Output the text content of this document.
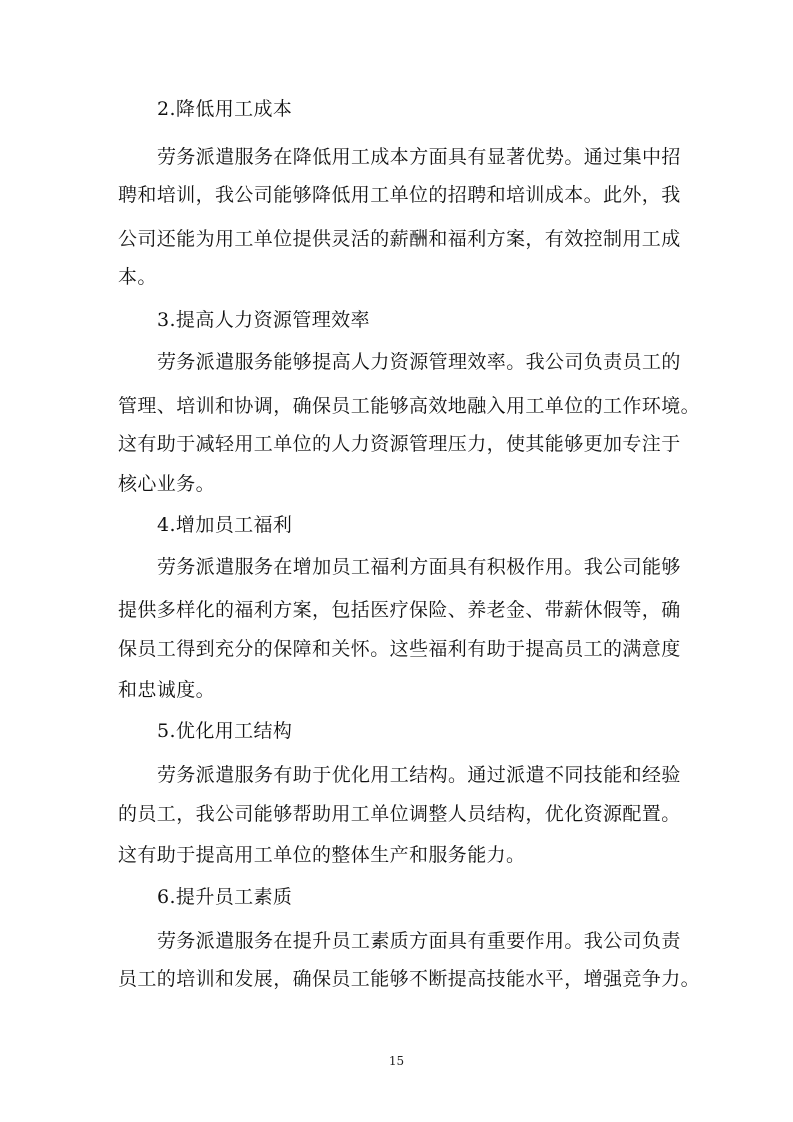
2.降低用工成本
劳务派遣服务在降低用工成本方面具有显著优势。通过集中招
聘和培训，我公司能够降低用工单位的招聘和培训成本。此外，我
公司还能为用工单位提供灵活的薪酬和福利方案，有效控制用工成
本。
3.提高人力资源管理效率
劳务派遣服务能够提高人力资源管理效率。我公司负责员工的
管理、培训和协调，确保员工能够高效地融入用工单位的工作环境。
这有助于减轻用工单位的人力资源管理压力，使其能够更加专注于
核心业务。
4.增加员工福利
劳务派遣服务在增加员工福利方面具有积极作用。我公司能够
提供多样化的福利方案，包括医疗保险、养老金、带薪休假等，确
保员工得到充分的保障和关怀。这些福利有助于提高员工的满意度
和忠诚度。
5.优化用工结构
劳务派遣服务有助于优化用工结构。通过派遣不同技能和经验
的员工，我公司能够帮助用工单位调整人员结构，优化资源配置。
这有助于提高用工单位的整体生产和服务能力。
6.提升员工素质
劳务派遣服务在提升员工素质方面具有重要作用。我公司负责
员工的培训和发展，确保员工能够不断提高技能水平，增强竞争力。
15
